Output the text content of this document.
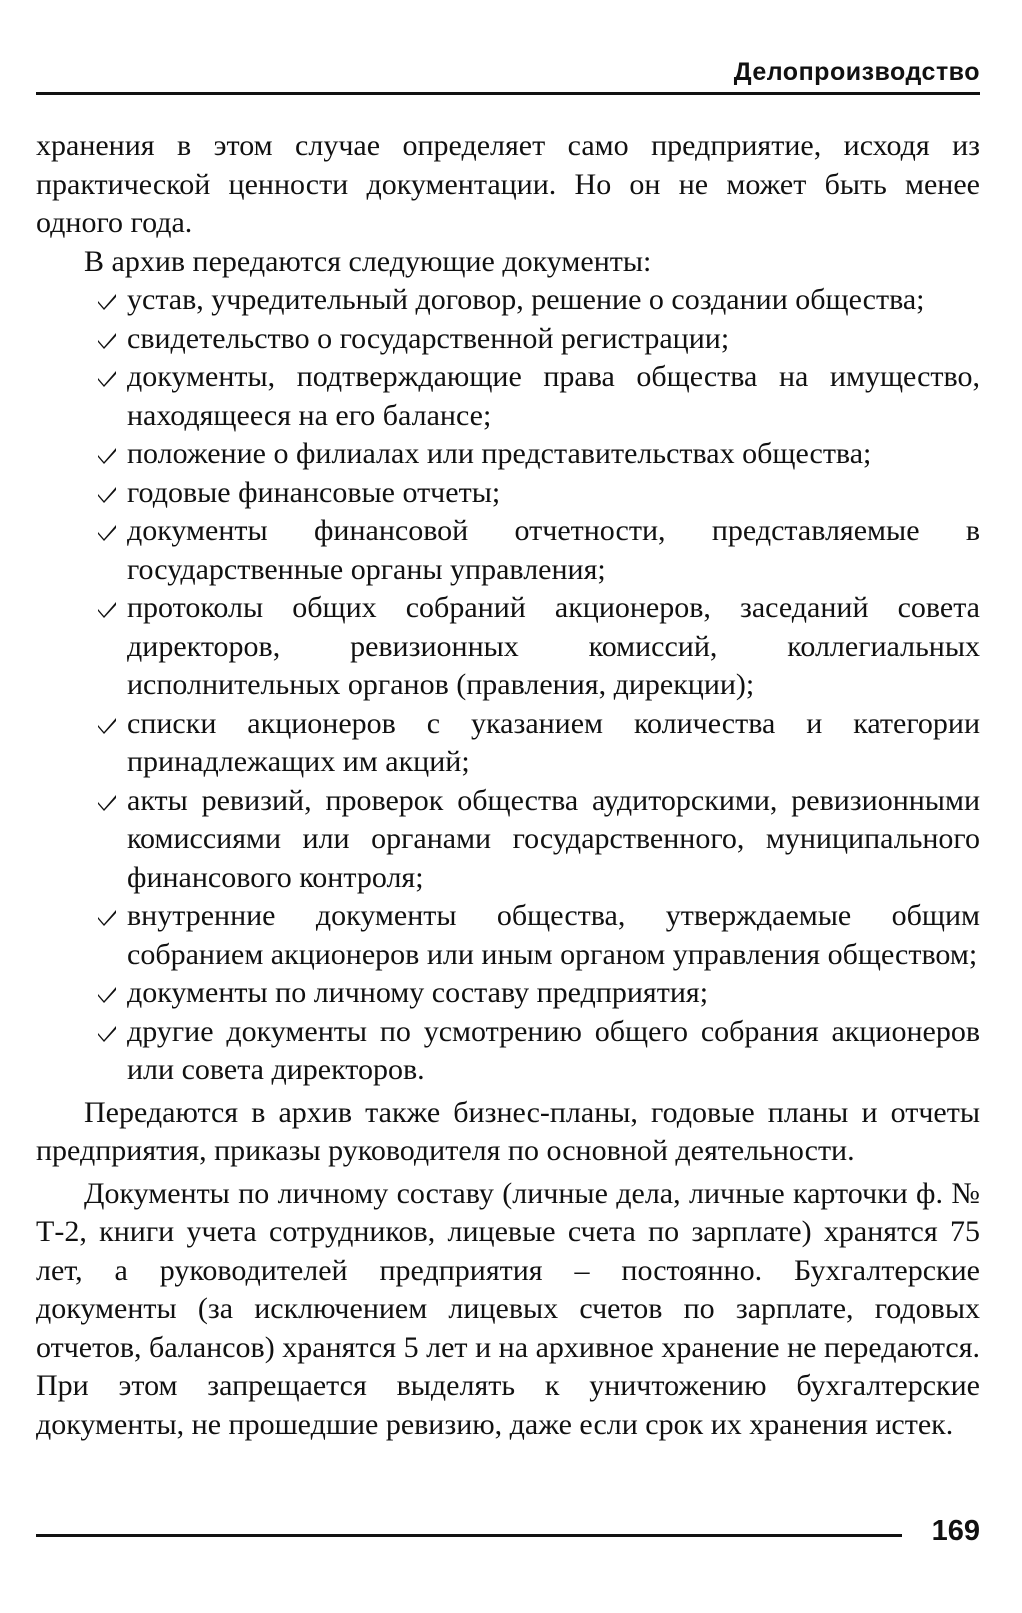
Делопроизводство

хранения в этом случае определяет само предприятие, исходя из практической ценности документации. Но он не может быть менее одного года.

В архив передаются следующие документы:

устав, учредительный договор, решение о создании общества;
свидетельство о государственной регистрации;
документы, подтверждающие права общества на имущество, находящееся на его балансе;
положение о филиалах или представительствах общества;
годовые финансовые отчеты;
документы финансовой отчетности, представляемые в государственные органы управления;
протоколы общих собраний акционеров, заседаний совета директоров, ревизионных комиссий, коллегиальных исполнительных органов (правления, дирекции);
списки акционеров с указанием количества и категории принадлежащих им акций;
акты ревизий, проверок общества аудиторскими, ревизионными комиссиями или органами государственного, муниципального финансового контроля;
внутренние документы общества, утверждаемые общим собранием акционеров или иным органом управления обществом;
документы по личному составу предприятия;
другие документы по усмотрению общего собрания акционеров или совета директоров.

Передаются в архив также бизнес-планы, годовые планы и отчеты предприятия, приказы руководителя по основной деятельности.

Документы по личному составу (личные дела, личные карточки ф. № Т-2, книги учета сотрудников, лицевые счета по зарплате) хранятся 75 лет, а руководителей предприятия – постоянно. Бухгалтерские документы (за исключением лицевых счетов по зарплате, годовых отчетов, балансов) хранятся 5 лет и на архивное хранение не передаются. При этом запрещается выделять к уничтожению бухгалтерские документы, не прошедшие ревизию, даже если срок их хранения истек.

169
